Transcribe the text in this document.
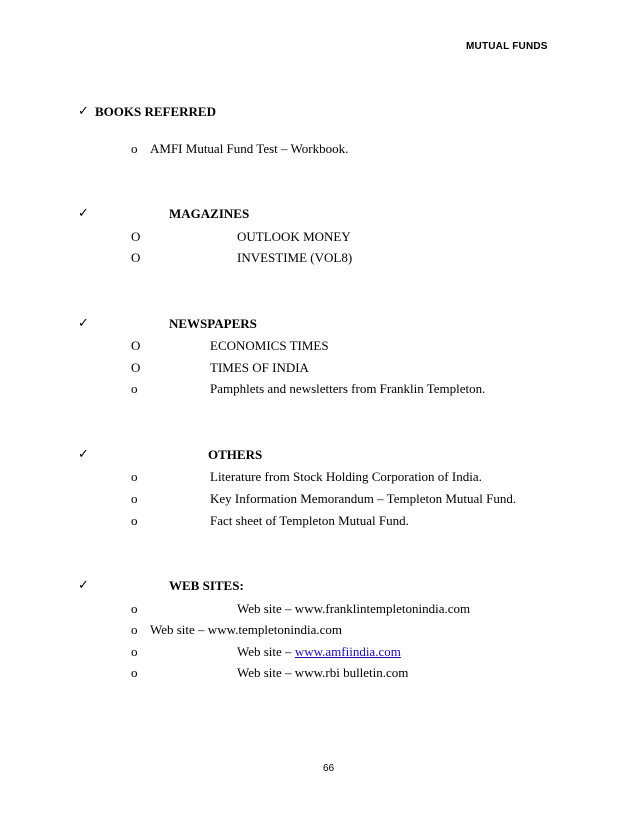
MUTUAL FUNDS
✓ BOOKS REFERRED
o AMFI Mutual Fund Test – Workbook.
✓	MAGAZINES
O	OUTLOOK MONEY
O	INVESTIME (VOL8)
✓	NEWSPAPERS
O	ECONOMICS TIMES
O	TIMES OF INDIA
o	Pamphlets and newsletters from Franklin Templeton.
✓	OTHERS
o	Literature from Stock Holding Corporation of India.
o	Key Information Memorandum – Templeton Mutual Fund.
o	Fact sheet of Templeton Mutual Fund.
✓	WEB SITES:
o	Web site – www.franklintempletonindia.com
o Web site – www.templetonindia.com
o	Web site – www.amfiindia.com
o	Web site – www.rbi bulletin.com
66
